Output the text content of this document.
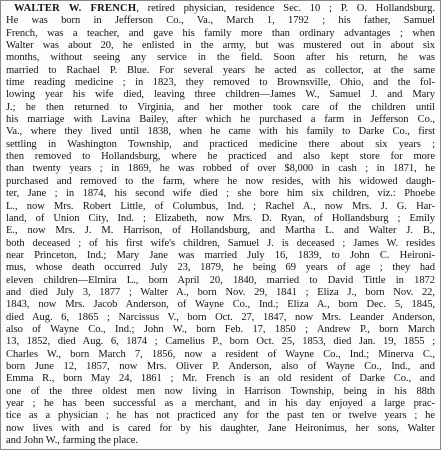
WALTER W. FRENCH, retired physician, residence Sec. 10 ; P. O. Hollandsburg.
He was born in Jefferson Co., Va., March 1, 1792 ; his father, Samuel
French, was a teacher, and gave his family more than ordinary advantages ; when
Walter was about 20, he enlisted in the army, but was mustered out in about six
months, without seeing any service in the field. Soon after his return, he was
married to Rachael P. Blue. For several years he acted as collector, at the same
time reading medicine ; in 1823, they removed to Brownsville, Ohio, and the fol-
lowing year his wife died, leaving three children—James W., Samuel J. and Mary
J.; he then returned to Virginia, and her mother took care of the children until
his marriage with Lavina Bailey, after which he purchased a farm in Jefferson Co.,
Va., where they lived until 1838, when he came with his family to Darke Co., first
settling in Washington Township, and practiced medicine there about six years ;
then removed to Hollandsburg, where he practiced and also kept store for more
than twenty years ; in 1869, he was robbed of over $8,000 in cash ; in 1871, he
purchased and removed to the farm, where he now resides, with his widowed daugh-
ter, Jane ; in 1874, his second wife died ; she bore him six children, viz.: Phoebe
L., now Mrs. Robert Little, of Columbus, Ind. ; Rachel A., now Mrs. J. G. Har-
land, of Union City, Ind. ; Elizabeth, now Mrs. D. Ryan, of Hollandsburg ; Emily
E., now Mrs. J. M. Harrison, of Hollandsburg, and Martha L. and Walter J. B.,
both deceased ; of his first wife's children, Samuel J. is deceased ; James W. resides
near Princeton, Ind.; Mary Jane was married July 16, 1839, to John C. Heironi-
mus, whose death occurred July 23, 1879, he being 69 years of age ; they had
eleven children—Elmira L., born April 20, 1840, married to David Tittle in 1872
and died July 3, 1877 ; Walter A., born Nov. 29, 1841 ; Eliza J., born Nov. 22,
1843, now Mrs. Jacob Anderson, of Wayne Co., Ind.; Eliza A., born Dec. 5, 1845,
died Aug. 6, 1865 ; Narcissus V., born Oct. 27, 1847, now Mrs. Leander Anderson,
also of Wayne Co., Ind.; John W., born Feb. 17, 1850 ; Andrew P., born March
13, 1852, died Aug. 6, 1874 ; Camelius P., born Oct. 25, 1853, died Jan. 19, 1855 ;
Charles W., born March 7, 1856, now a resident of Wayne Co., Ind.; Minerva C.,
born June 12, 1857, now Mrs. Oliver P. Anderson, also of Wayne Co., Ind., and
Emma R., born May 24, 1861 ; Mr. French is an old resident of Darke Co., and
one of the three oldest men now living in Harrison Township, being in his 88th
year ; he has been successful as a merchant, and in his day enjoyed a large prac-
tice as a physician ; he has not practiced any for the past ten or twelve years ; he
now lives with and is cared for by his daughter, Jane Heironimus, her sons, Walter
and John W., farming the place.
